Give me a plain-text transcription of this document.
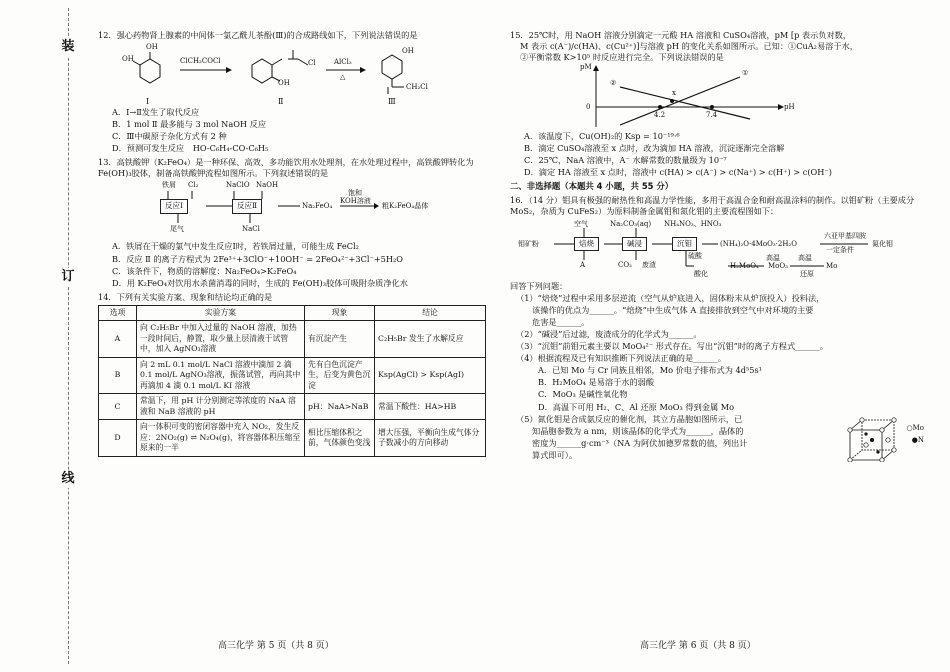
装
订
线
12．强心药物肾上腺素的中间体一氯乙酰儿茶酚(Ⅲ)的合成路线如下，下列说法错误的是
OH
OH	ClCH₂COCl	Cl
OH
AlCl₃
△
OH
CH₂Cl
Ⅰ	Ⅱ	Ⅲ
A．Ⅰ→Ⅱ发生了取代反应
B．1 mol Ⅱ 最多能与 3 mol NaOH 反应
C．Ⅲ中碳原子杂化方式有 2 种
D．预测可发生反应 HO-C₆H₄-CO-C₆H₅
13．高铁酸钾（K₂FeO₄）是一种环保、高效、多功能饮用水处理剂，在水处理过程中，高铁酸钾转化为 Fe(OH)₃胶体，制备高铁酸钾流程如图所示。下列叙述错误的是
铁屑 Cl₂	NaClO NaOH
反应Ⅰ	反应Ⅱ	Na₂FeO₄
饱和
KOH溶液
粗K₂FeO₄晶体
尾气	NaCl
A．铁屑在干燥的氯气中发生反应Ⅰ时，若铁屑过量，可能生成 FeCl₂
B．反应 Ⅱ 的离子方程式为 2Fe³⁺+3ClO⁻+10OH⁻ = 2FeO₄²⁻+3Cl⁻+5H₂O
C．该条件下，物质的溶解度：Na₂FeO₄>K₂FeO₄
D．用 K₂FeO₄对饮用水杀菌消毒的同时，生成的 Fe(OH)₃胶体可吸附杂质净化水
14．下列有关实验方案、现象和结论均正确的是
选项	实验方案	现象	结论
A	向 C₂H₅Br 中加入过量的 NaOH 溶液，加热一段时间后，静置，取少量上层清液于试管中，加入 AgNO₃溶液	有沉淀产生	C₂H₅Br 发生了水解反应
B	向 2 mL 0.1 mol/L NaCl 溶液中滴加 2 滴 0.1 mol/L AgNO₃溶液，振荡试管，再向其中再滴加 4 滴 0.1 mol/L KI 溶液	先有白色沉淀产生，后变为黄色沉淀	Ksp(AgCl) > Ksp(AgI)
C	常温下，用 pH 计分别测定等浓度的 NaA 溶液和 NaB 溶液的 pH	pH：NaA>NaB	常温下酸性：HA>HB
D	向一体积可变的密闭容器中充入 NO₂，发生反应：2NO₂(g) ⇌ N₂O₄(g)，将容器体积压缩至原来的一半	相比压缩体积之前，气体颜色变浅	增大压强，平衡向生成气体分子数减小的方向移动
高三化学 第 5 页（共 8 页）
15．25℃时，用 NaOH 溶液分别滴定一元酸 HA 溶液和 CuSO₄溶液，pM [p 表示负对数，
M 表示 c(A⁻)/c(HA)、c(Cu²⁺)]与溶液 pH 的变化关系如图所示。已知：①CuA₂易溶于水，
②平衡常数 K>10⁵ 时反应进行完全。下列说法错误的是
pM
pH
0
4.2	7.4
x
①
②
A．该温度下，Cu(OH)₂的 Ksp = 10⁻¹⁹·⁶
B．滴定 CuSO₄溶液至 x 点时，改为滴加 HA 溶液，沉淀逐渐完全溶解
C．25℃，NaA 溶液中，A⁻ 水解常数的数量级为 10⁻⁷
D．滴定 HA 溶液至 x 点时，溶液中 c(HA) > c(A⁻) > c(Na⁺) > c(H⁺) > c(OH⁻)
二、非选择题（本题共 4 小题，共 55 分）
16．（14 分）钼具有极强的耐热性和高温力学性能，多用于高温合金和耐高温涂料的制作。以钼矿粉（主要成分 MoS₂，杂质为 CuFeS₂）为原料制备金属钼和氮化钼的主要流程图如下：
钼矿粉
空气	Na₂CO₃(aq)
焙烧	碱浸	沉钼
A	CO₂ 废渣
NH₄NO₃、HNO₃
(NH₄)₂O·4MoO₃·2H₂O
六亚甲基四胺
一定条件
氮化钼
硫酸
酸化
H₂MoO₄
高温
MoO₃
高温
还原
Mo
回答下列问题：
（1）“焙烧”过程中采用多层逆流（空气从炉底进入，固体粉末从炉顶投入）投料法，
该操作的优点为______。“焙烧”中生成气体 A 直接排放到空气中对环境的主要
危害是______。
（2）“碱浸”后过滤，废渣成分的化学式为______。
（3）“沉钼”前钼元素主要以 MoO₄²⁻ 形式存在。写出“沉钼”时的离子方程式______。
（4）根据流程及已有知识推断下列说法正确的是______。
A．已知 Mo 与 Cr 同族且相邻，Mo 价电子排布式为 4d⁵5s¹
B．H₂MoO₄ 是易溶于水的弱酸
C．MoO₃ 是碱性氧化物
D．高温下可用 H₂、C、Al 还原 MoO₃ 得到金属 Mo
（5）氮化钼是合成氨反应的催化剂，其立方晶胞如图所示，已
知晶胞参数为 a nm，则该晶体的化学式为______，晶体的
密度为______g·cm⁻³（NA 为阿伏加德罗常数的值，列出计
算式即可）。
○Mo
●N
高三化学 第 6 页（共 8 页）
